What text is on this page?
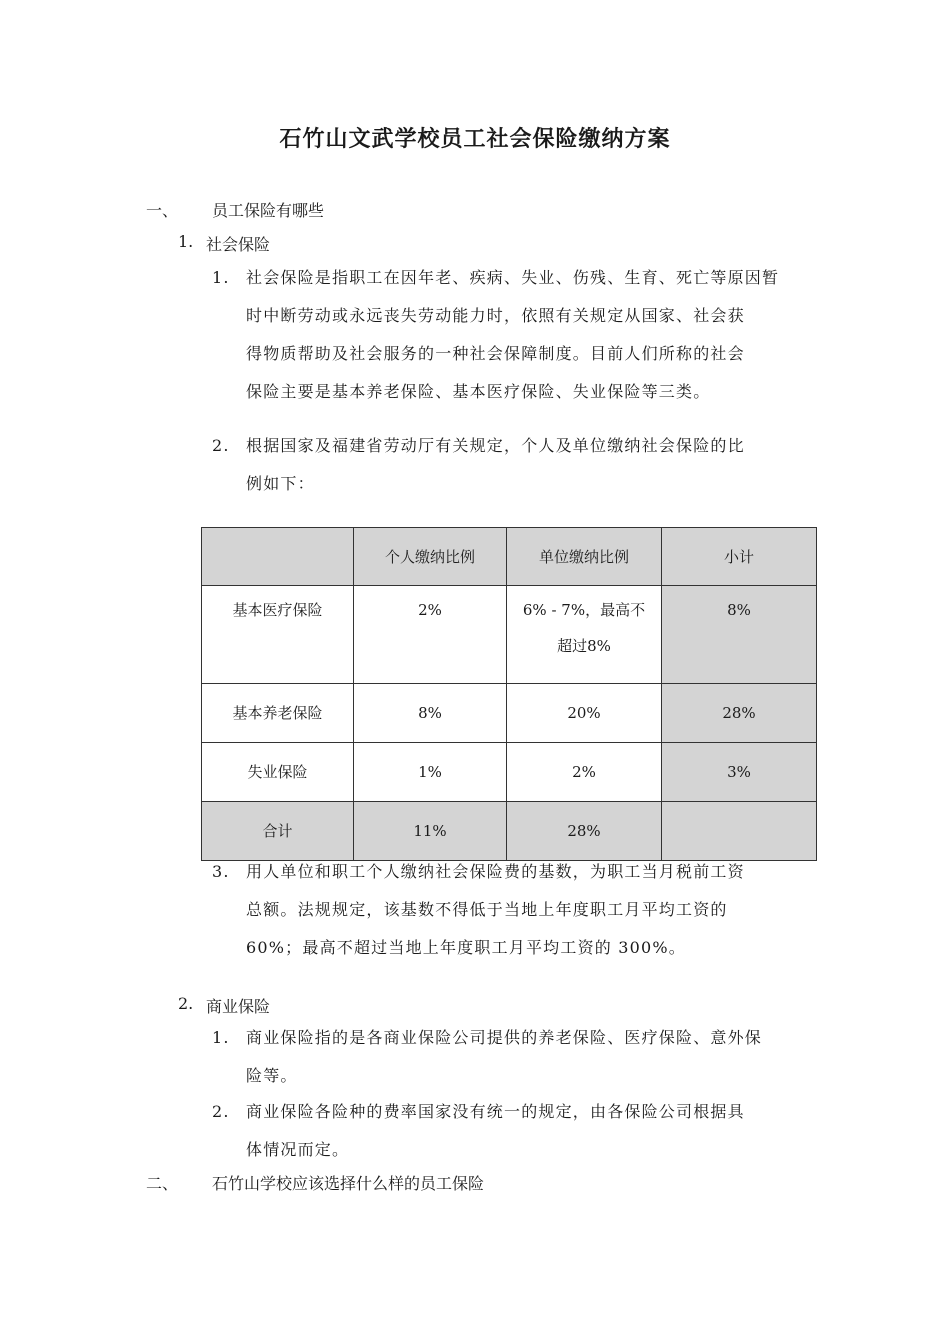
石竹山文武学校员工社会保险缴纳方案
一、 员工保险有哪些
1. 社会保险
1. 社会保险是指职工在因年老、疾病、失业、伤残、生育、死亡等原因暂
时中断劳动或永远丧失劳动能力时，依照有关规定从国家、社会获
得物质帮助及社会服务的一种社会保障制度。目前人们所称的社会
保险主要是基本养老保险、基本医疗保险、失业保险等三类。
2. 根据国家及福建省劳动厅有关规定，个人及单位缴纳社会保险的比
例如下：
	个人缴纳比例	单位缴纳比例	小计
基本医疗保险	2%	6% - 7%，最高不超过8%	8%
基本养老保险	8%	20%	28%
失业保险	1%	2%	3%
合计	11%	28%	
3. 用人单位和职工个人缴纳社会保险费的基数，为职工当月税前工资
总额。法规规定，该基数不得低于当地上年度职工月平均工资的
60%；最高不超过当地上年度职工月平均工资的 300%。
2. 商业保险
1. 商业保险指的是各商业保险公司提供的养老保险、医疗保险、意外保
险等。
2. 商业保险各险种的费率国家没有统一的规定，由各保险公司根据具
体情况而定。
二、 石竹山学校应该选择什么样的员工保险
